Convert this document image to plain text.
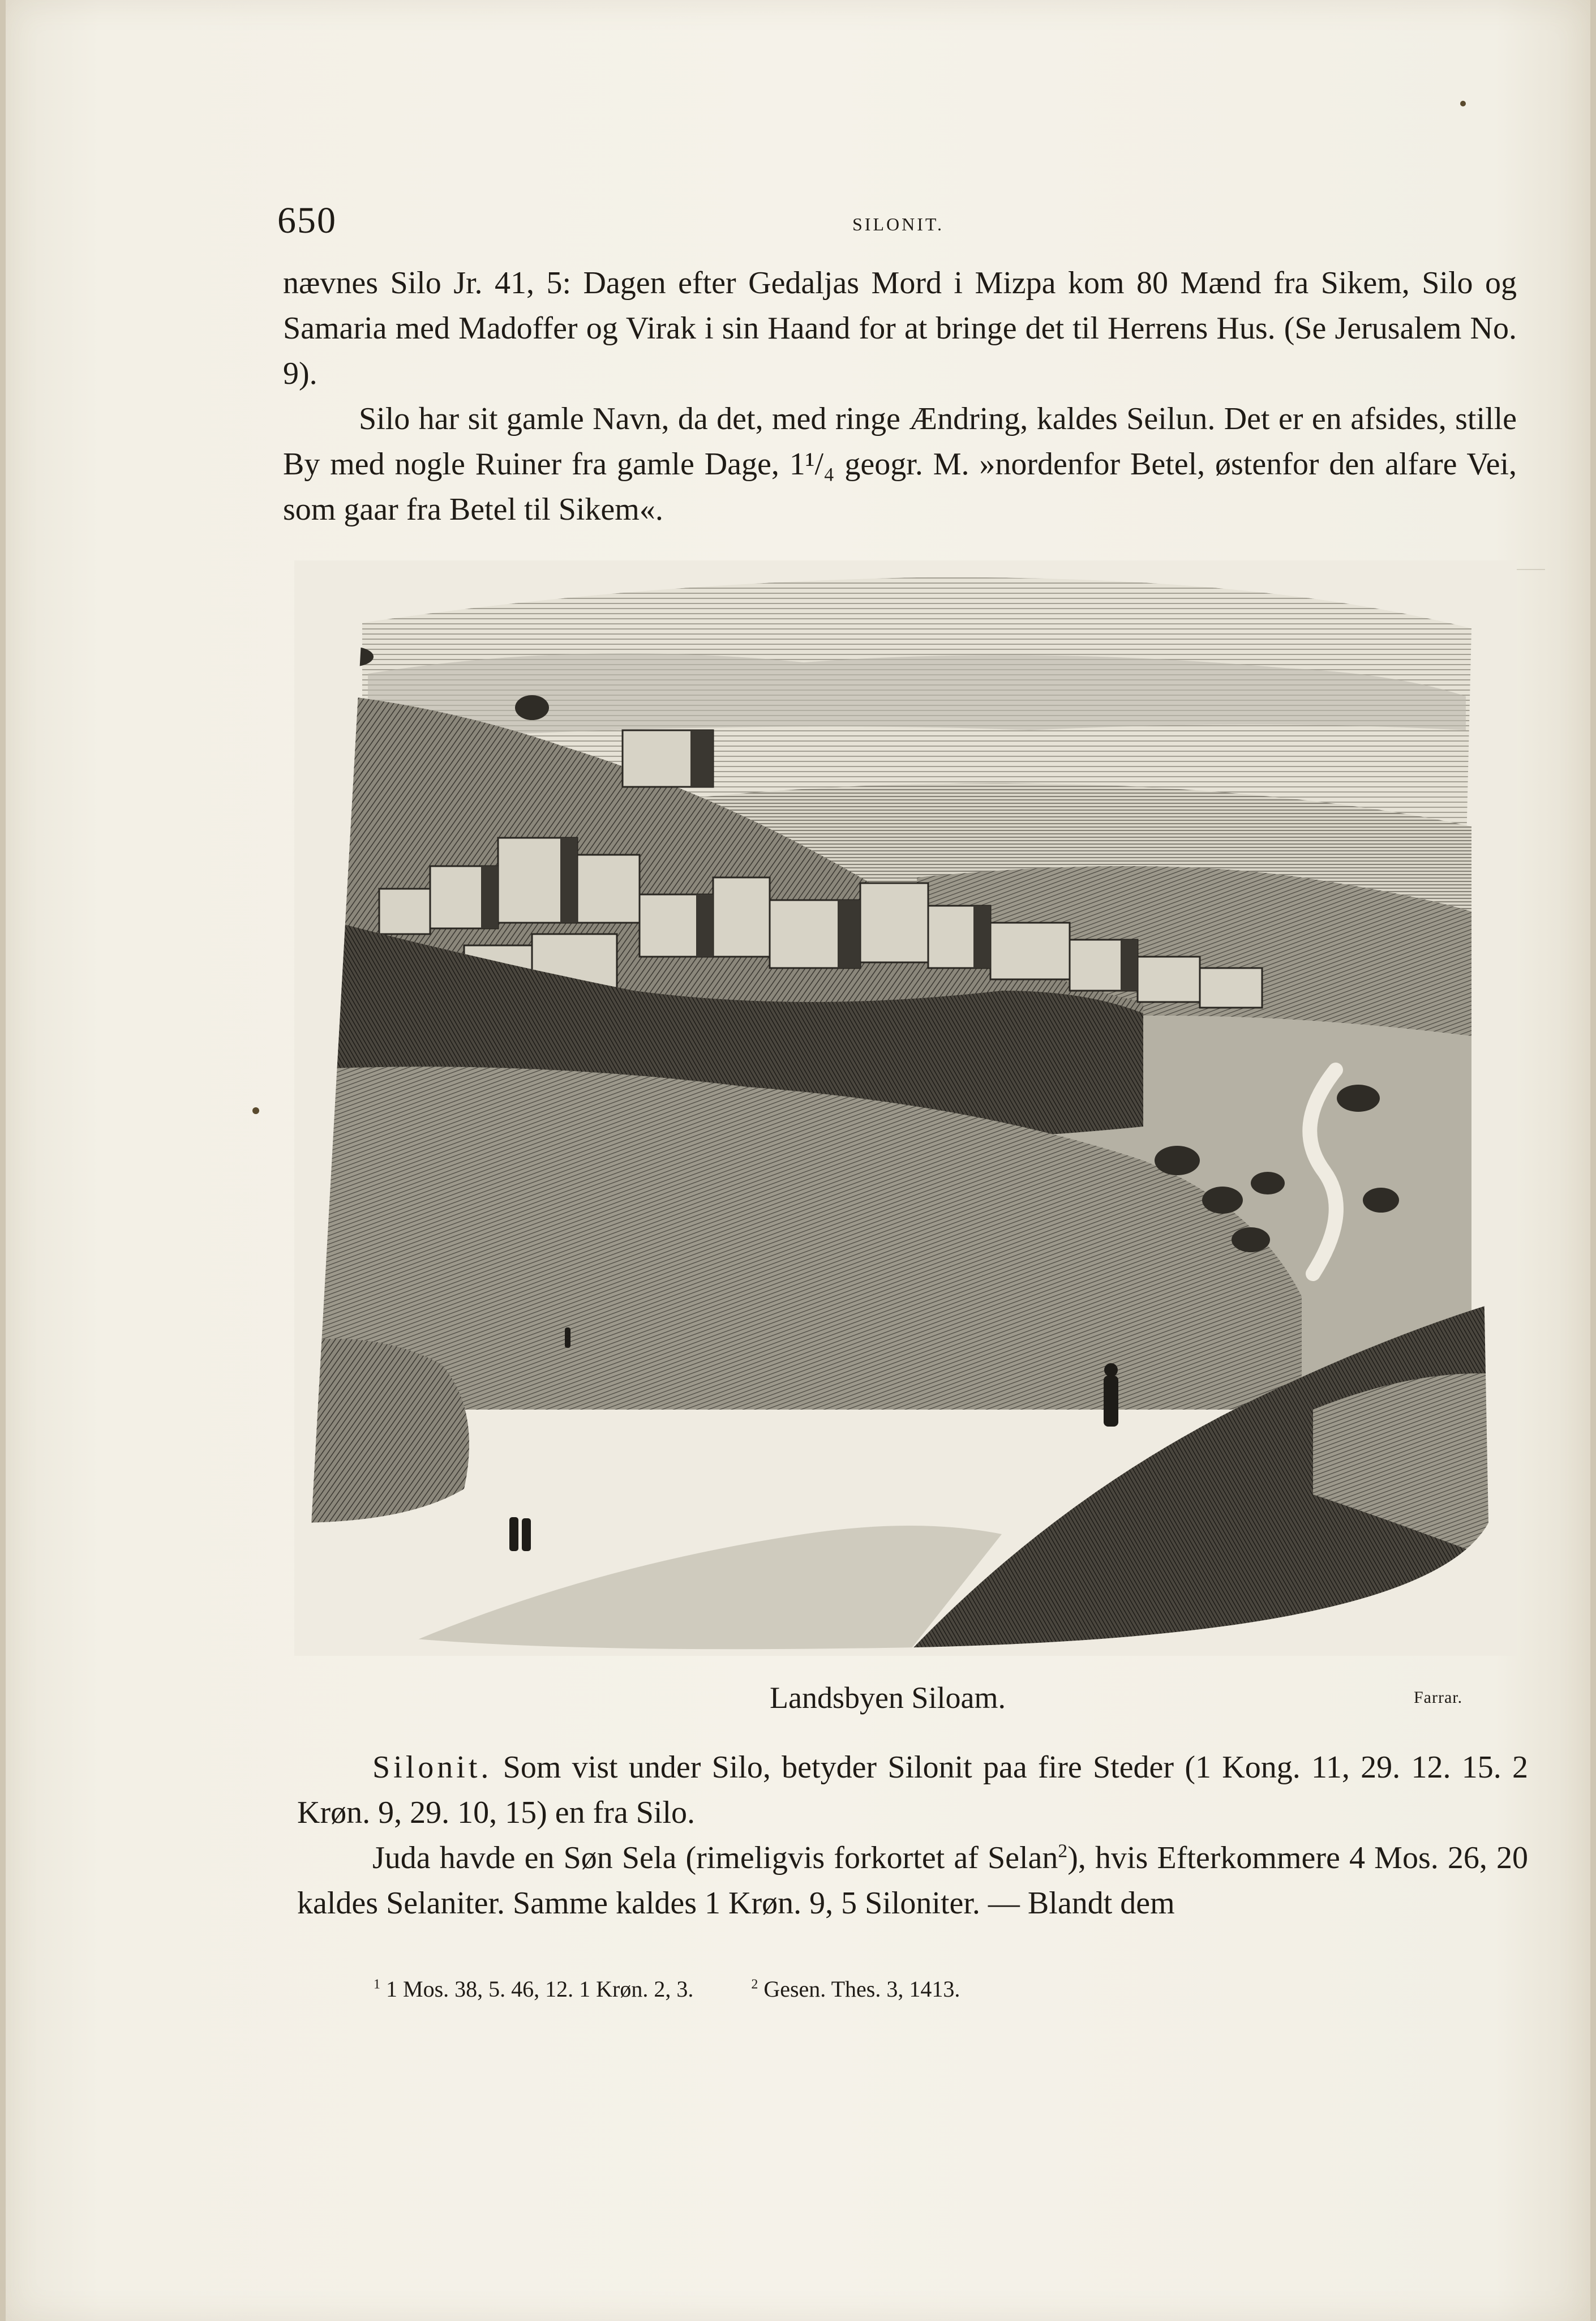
650	SILONIT.

nævnes Silo Jr. 41, 5: Dagen efter Gedaljas Mord i Mizpa kom 80 Mænd fra Sikem, Silo og Samaria med Madoffer og Virak i sin Haand for at bringe det til Herrens Hus. (Se Jerusalem No. 9).

Silo har sit gamle Navn, da det, med ringe Ændring, kaldes Seilun. Det er en afsides, stille By med nogle Ruiner fra gamle Dage, 1¹/₄ geogr. M. »nordenfor Betel, østenfor den alfare Vei, som gaar fra Betel til Sikem«.

Landsbyen Siloam.	Farrar.

Silonit. Som vist under Silo, betyder Silonit paa fire Steder (1 Kong. 11, 29. 12. 15. 2 Krøn. 9, 29. 10, 15) en fra Silo.

Juda havde en Søn Sela (rimeligvis forkortet af Selan$^2$), hvis Efterkommere 4 Mos. 26, 20 kaldes Selaniter. Samme kaldes 1 Krøn. 9, 5 Siloniter. — Blandt dem

$^1$ 1 Mos. 38, 5. 46, 12. 1 Krøn. 2, 3.	$^2$ Gesen. Thes. 3, 1413.
